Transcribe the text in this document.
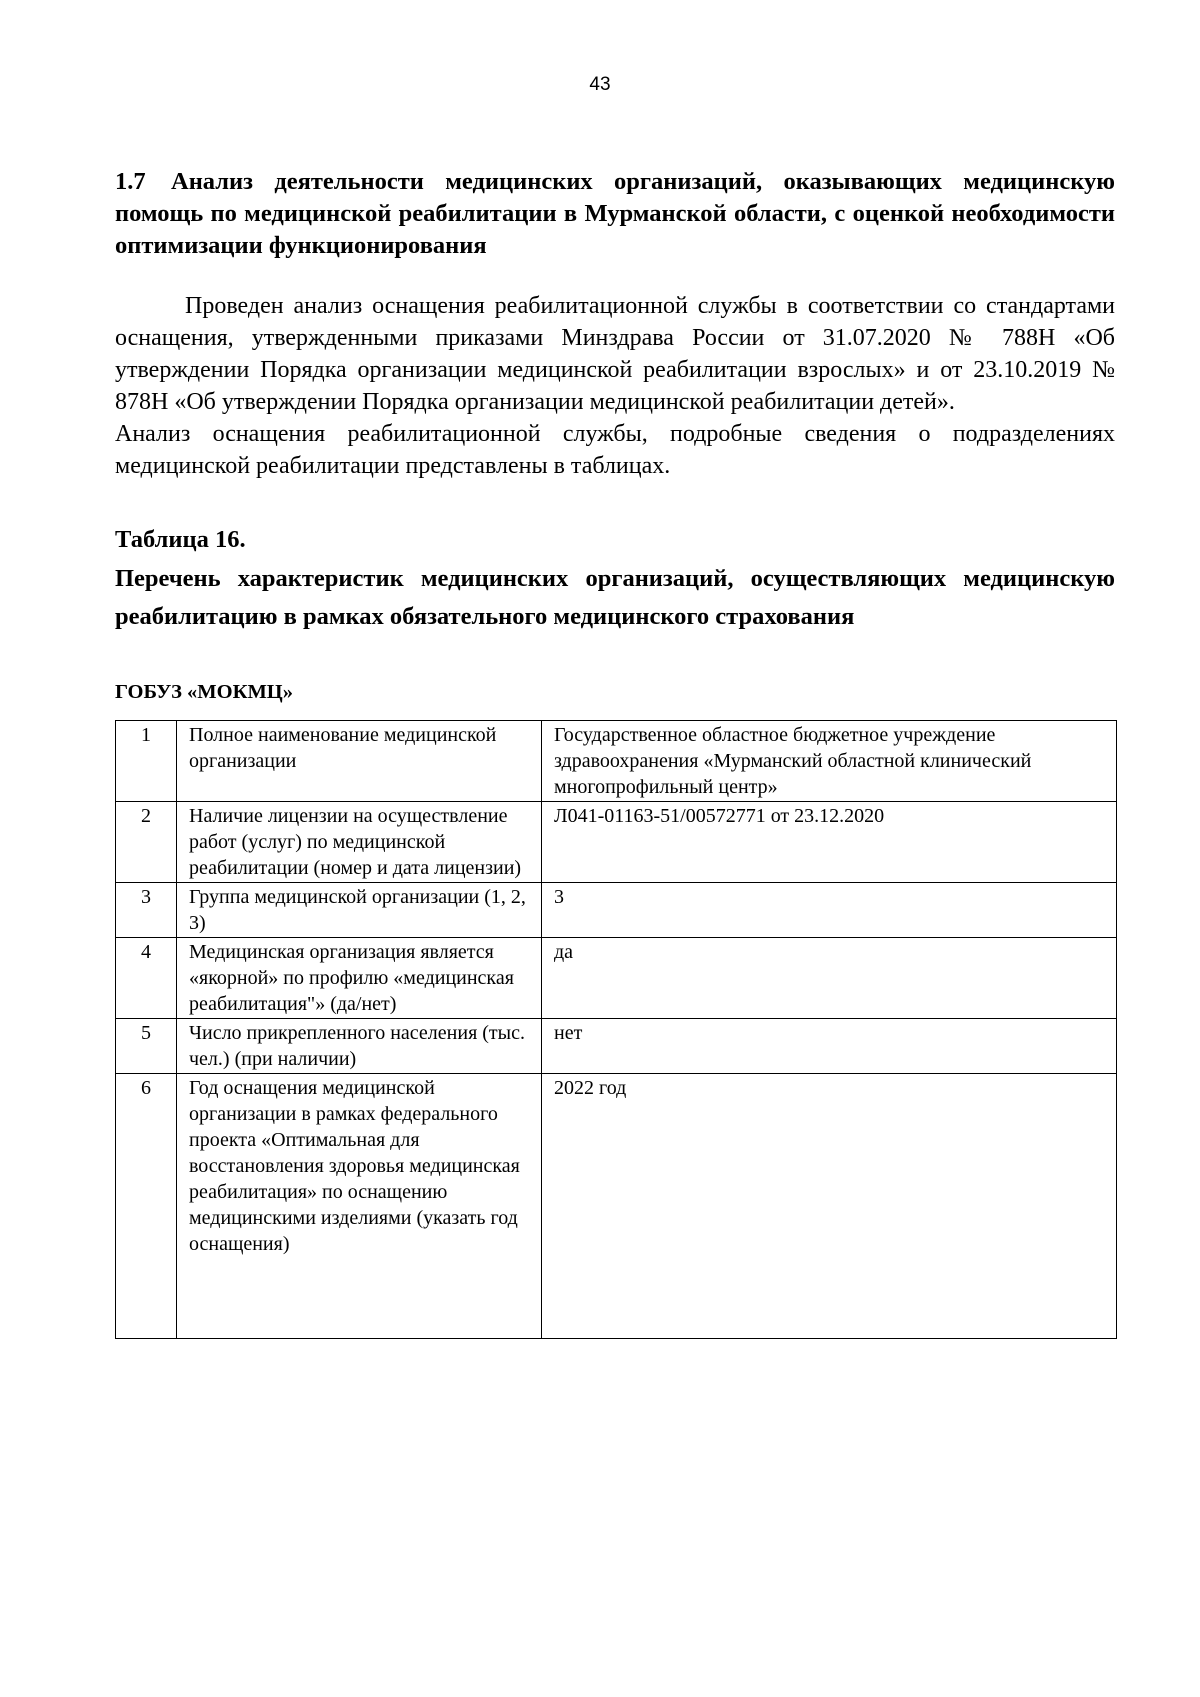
43

1.7 Анализ деятельности медицинских организаций, оказывающих медицинскую помощь по медицинской реабилитации в Мурманской области, с оценкой необходимости оптимизации функционирования

Проведен анализ оснащения реабилитационной службы в соответствии со стандартами оснащения, утвержденными приказами Минздрава России от 31.07.2020 № 788Н «Об утверждении Порядка организации медицинской реабилитации взрослых» и от 23.10.2019 № 878Н «Об утверждении Порядка организации медицинской реабилитации детей».

Анализ оснащения реабилитационной службы, подробные сведения о подразделениях медицинской реабилитации представлены в таблицах.

Таблица 16.

Перечень характеристик медицинских организаций, осуществляющих медицинскую реабилитацию в рамках обязательного медицинского страхования

ГОБУЗ «МОКМЦ»

1	Полное наименование медицинской организации	Государственное областное бюджетное учреждение здравоохранения «Мурманский областной клинический многопрофильный центр»
2	Наличие лицензии на осуществление работ (услуг) по медицинской реабилитации (номер и дата лицензии)	Л041-01163-51/00572771 от 23.12.2020
3	Группа медицинской организации (1, 2, 3)	3
4	Медицинская организация является «якорной» по профилю «медицинская реабилитация"» (да/нет)	да
5	Число прикрепленного населения (тыс. чел.) (при наличии)	нет
6	Год оснащения медицинской организации в рамках федерального проекта «Оптимальная для восстановления здоровья медицинская реабилитация» по оснащению медицинскими изделиями (указать год оснащения)	2022 год
